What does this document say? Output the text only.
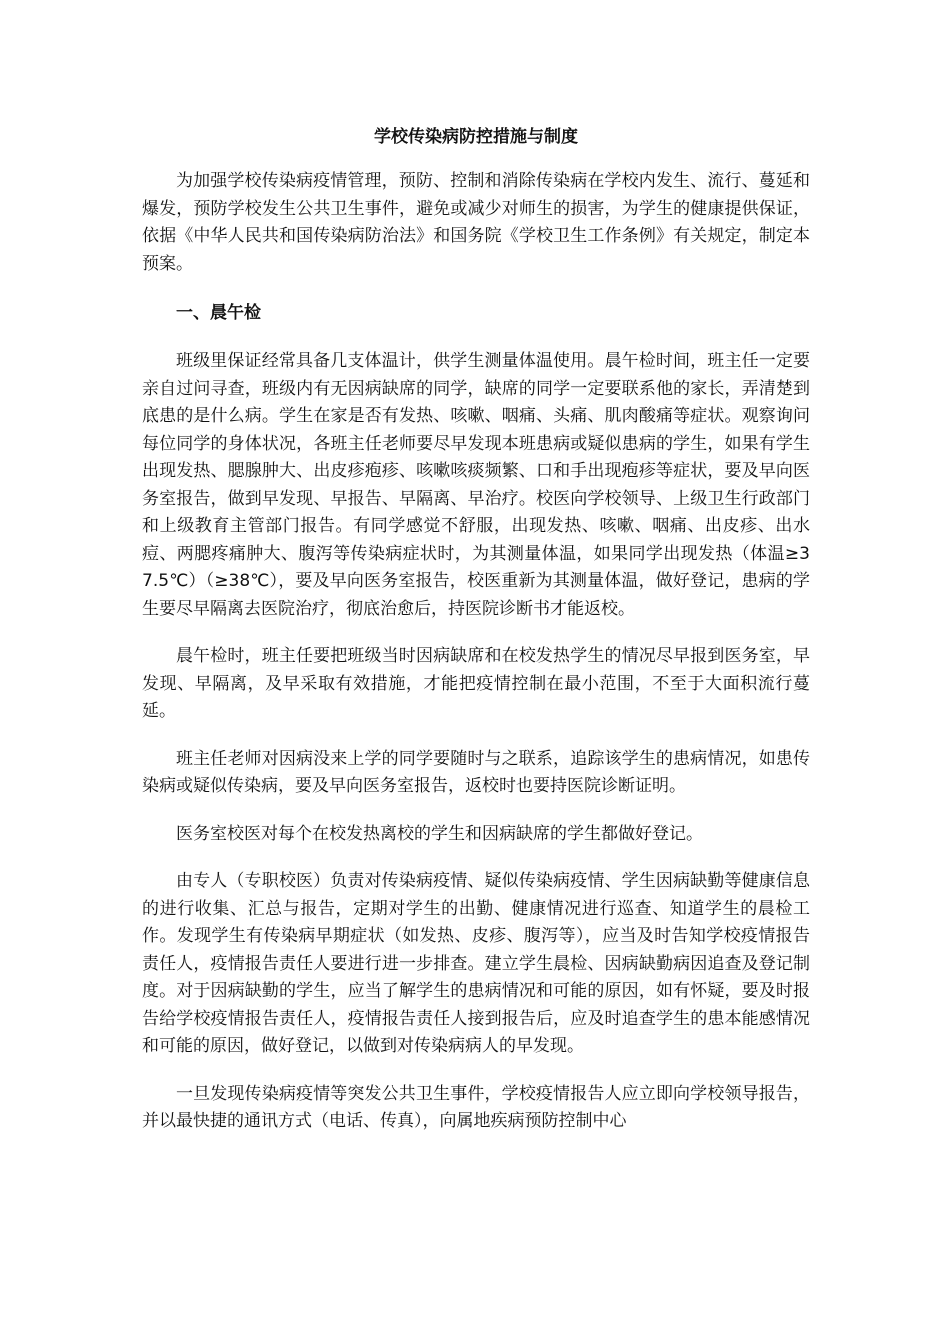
学校传染病防控措施与制度

为加强学校传染病疫情管理，预防、控制和消除传染病在学校内发生、流行、蔓延和爆发，预防学校发生公共卫生事件，避免或减少对师生的损害，为学生的健康提供保证，依据《中华人民共和国传染病防治法》和国务院《学校卫生工作条例》有关规定，制定本预案。

一、晨午检

班级里保证经常具备几支体温计，供学生测量体温使用。晨午检时间，班主任一定要亲自过问寻查，班级内有无因病缺席的同学，缺席的同学一定要联系他的家长，弄清楚到底患的是什么病。学生在家是否有发热、咳嗽、咽痛、头痛、肌肉酸痛等症状。观察询问每位同学的身体状况，各班主任老师要尽早发现本班患病或疑似患病的学生，如果有学生出现发热、腮腺肿大、出皮疹疱疹、咳嗽咳痰频繁、口和手出现疱疹等症状，要及早向医务室报告，做到早发现、早报告、早隔离、早治疗。校医向学校领导、上级卫生行政部门和上级教育主管部门报告。有同学感觉不舒服，出现发热、咳嗽、咽痛、出皮疹、出水痘、两腮疼痛肿大、腹泻等传染病症状时，为其测量体温，如果同学出现发热（体温≥37.5℃）（≥38℃），要及早向医务室报告，校医重新为其测量体温，做好登记，患病的学生要尽早隔离去医院治疗，彻底治愈后，持医院诊断书才能返校。

晨午检时，班主任要把班级当时因病缺席和在校发热学生的情况尽早报到医务室，早发现、早隔离，及早采取有效措施，才能把疫情控制在最小范围，不至于大面积流行蔓延。

班主任老师对因病没来上学的同学要随时与之联系，追踪该学生的患病情况，如患传染病或疑似传染病，要及早向医务室报告，返校时也要持医院诊断证明。

医务室校医对每个在校发热离校的学生和因病缺席的学生都做好登记。

由专人（专职校医）负责对传染病疫情、疑似传染病疫情、学生因病缺勤等健康信息的进行收集、汇总与报告，定期对学生的出勤、健康情况进行巡查、知道学生的晨检工作。发现学生有传染病早期症状（如发热、皮疹、腹泻等），应当及时告知学校疫情报告责任人，疫情报告责任人要进行进一步排查。建立学生晨检、因病缺勤病因追查及登记制度。对于因病缺勤的学生，应当了解学生的患病情况和可能的原因，如有怀疑，要及时报告给学校疫情报告责任人，疫情报告责任人接到报告后，应及时追查学生的患本能感情况和可能的原因，做好登记，以做到对传染病病人的早发现。

一旦发现传染病疫情等突发公共卫生事件，学校疫情报告人应立即向学校领导报告，并以最快捷的通讯方式（电话、传真），向属地疾病预防控制中心
